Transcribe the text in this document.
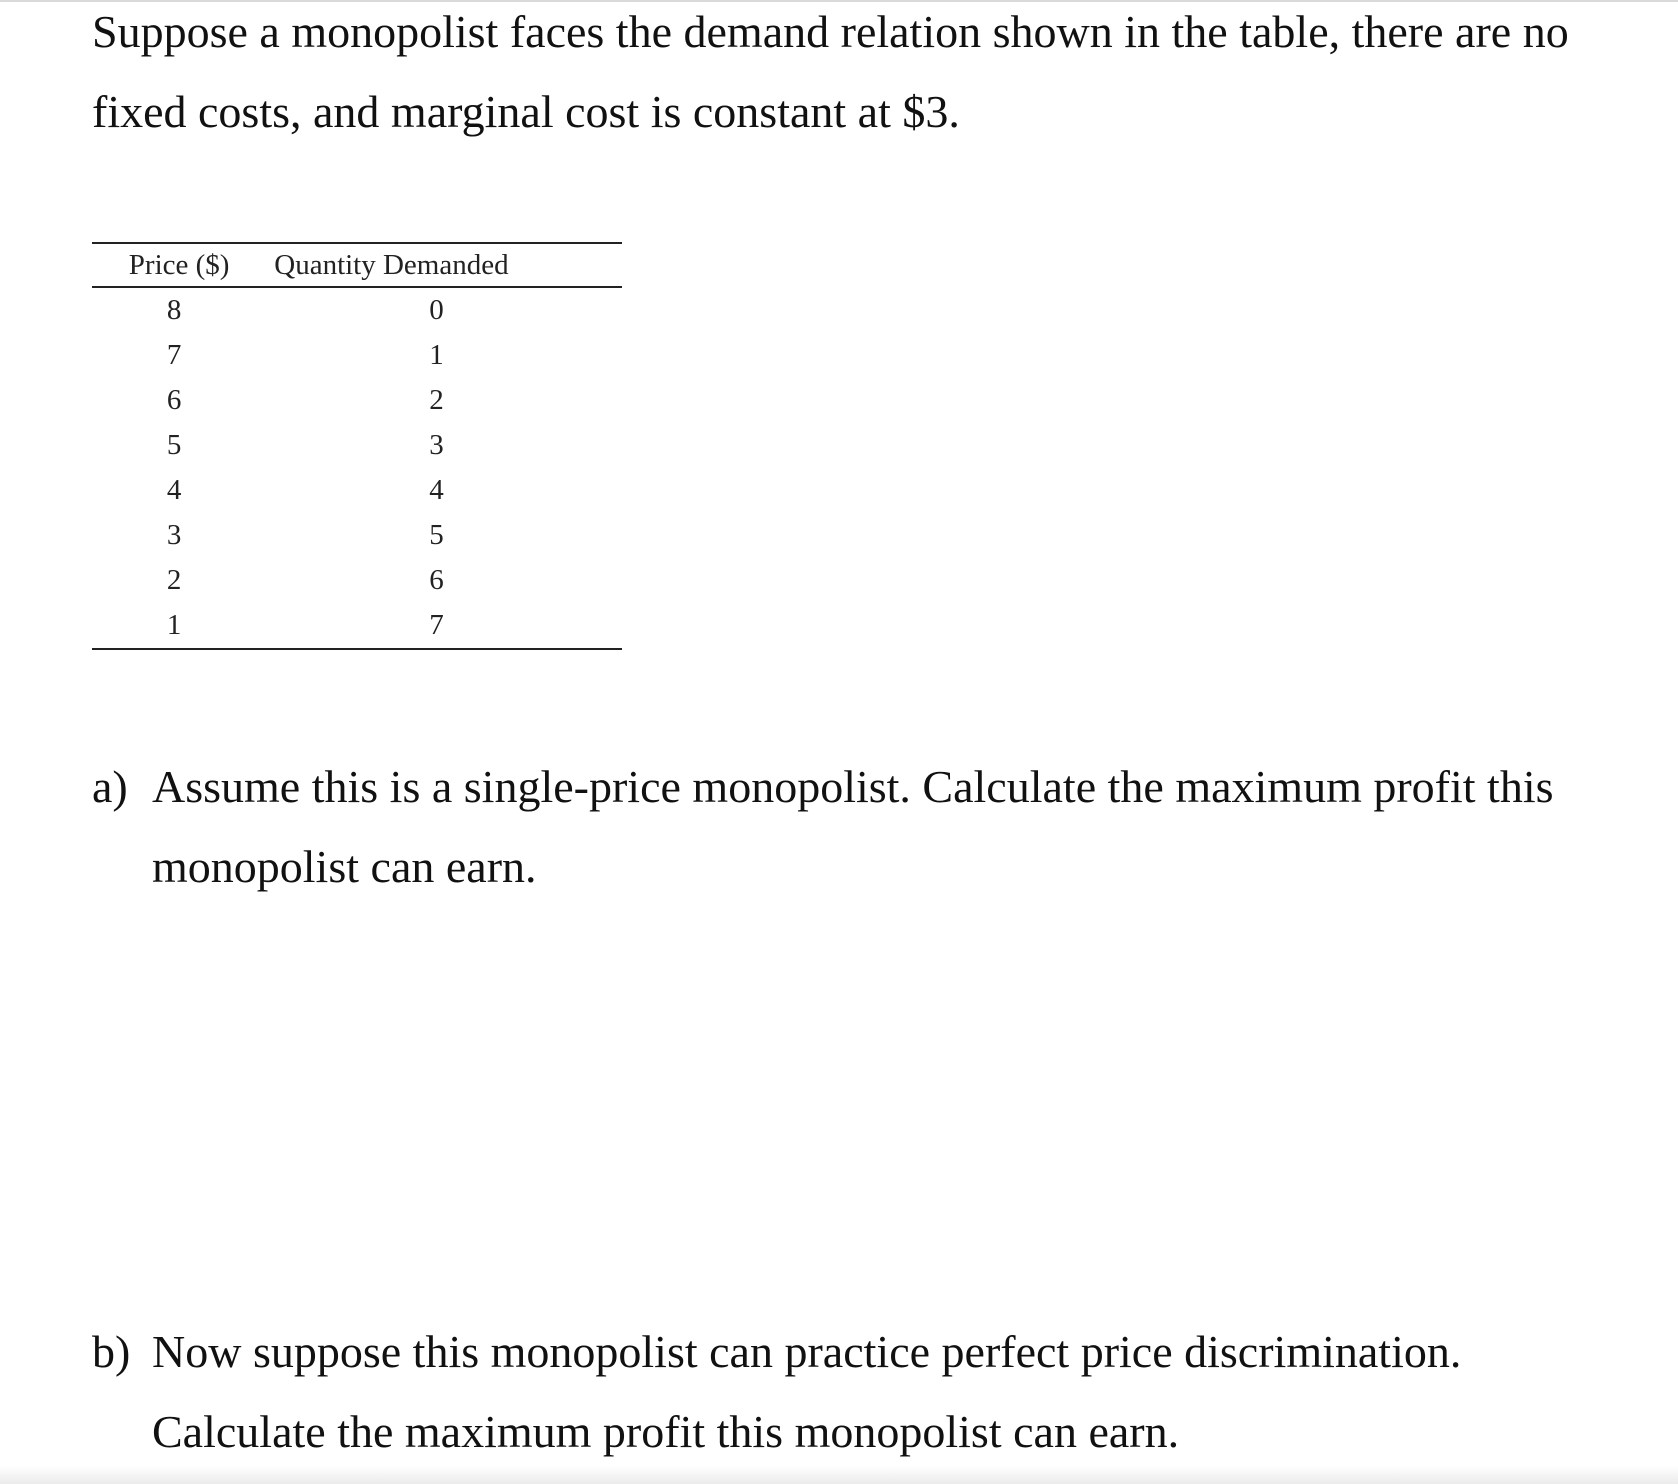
Suppose a monopolist faces the demand relation shown in the table, there are no
fixed costs, and marginal cost is constant at $3.
Price ($)	Quantity Demanded
8	0
7	1
6	2
5	3
4	4
3	5
2	6
1	7
a) Assume this is a single-price monopolist. Calculate the maximum profit this
monopolist can earn.
b) Now suppose this monopolist can practice perfect price discrimination.
Calculate the maximum profit this monopolist can earn.
